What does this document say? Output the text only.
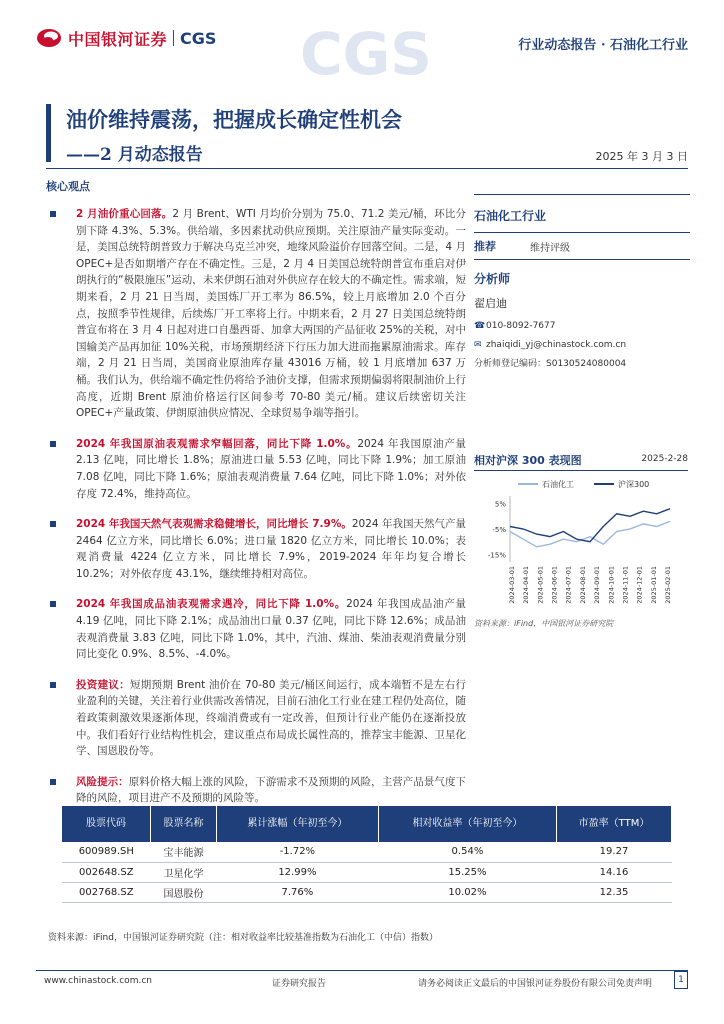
中国银河证券 CGS CGS	行业动态报告 · 石油化工行业
油价维持震荡，把握成长确定性机会
——2 月动态报告	2025 年 3 月 3 日
核心观点
2 月油价重心回落。2 月 Brent、WTI 月均价分别为 75.0、71.2 美元/桶，环比分别下降 4.3%、5.3%。供给端，多因素扰动供应预期。关注原油产量实际变动。一是，美国总统特朗普致力于解决乌克兰冲突，地缘风险溢价存回落空间。二是，4 月 OPEC+是否如期增产存在不确定性。三是，2 月 4 日美国总统特朗普宣布重启对伊朗执行的“极限施压”运动，未来伊朗石油对外供应存在较大的不确定性。需求端，短期来看，2 月 21 日当周，美国炼厂开工率为 86.5%，较上月底增加 2.0 个百分点，按照季节性规律，后续炼厂开工率将上行。中期来看，2 月 27 日美国总统特朗普宣布将在 3 月 4 日起对进口自墨西哥、加拿大两国的产品征收 25%的关税，对中国输美产品再加征 10%关税，市场预期经济下行压力加大进而拖累原油需求。库存端，2 月 21 日当周，美国商业原油库存量 43016 万桶，较 1 月底增加 637 万桶。我们认为，供给端不确定性仍将给予油价支撑，但需求预期偏弱将限制油价上行高度，近期 Brent 原油价格运行区间参考 70-80 美元/桶。建议后续密切关注 OPEC+产量政策、伊朗原油供应情况、全球贸易争端等指引。
2024 年我国原油表观需求窄幅回落，同比下降 1.0%。2024 年我国原油产量 2.13 亿吨，同比增长 1.8%；原油进口量 5.53 亿吨，同比下降 1.9%；加工原油 7.08 亿吨，同比下降 1.6%；原油表观消费量 7.64 亿吨，同比下降 1.0%；对外依存度 72.4%，维持高位。
2024 年我国天然气表观需求稳健增长，同比增长 7.9%。2024 年我国天然气产量 2464 亿立方米，同比增长 6.0%；进口量 1820 亿立方米，同比增长 10.0%；表观消费量 4224 亿立方米，同比增长 7.9%，2019-2024 年年均复合增长 10.2%；对外依存度 43.1%，继续维持相对高位。
2024 年我国成品油表观需求遇冷，同比下降 1.0%。2024 年我国成品油产量 4.19 亿吨，同比下降 2.1%；成品油出口量 0.37 亿吨，同比下降 12.6%；成品油表观消费量 3.83 亿吨，同比下降 1.0%，其中，汽油、煤油、柴油表观消费量分别同比变化 0.9%、8.5%、-4.0%。
投资建议：短期预期 Brent 油价在 70-80 美元/桶区间运行，成本端暂不是左右行业盈利的关键，关注着行业供需改善情况，目前石油化工行业在建工程仍处高位，随着政策刺激效果逐渐体现，终端消费或有一定改善，但预计行业产能仍在逐渐投放中。我们看好行业结构性机会，建议重点布局成长属性高的，推荐宝丰能源、卫星化学、国恩股份等。
风险提示：原料价格大幅上涨的风险，下游需求不及预期的风险，主营产品景气度下降的风险，项目进产不及预期的风险等。
石油化工行业
推荐	维持评级
分析师
翟启迪
☎ 010-8092-7677
✉ zhaiqidi_yj@chinastock.com.cn
分析师登记编码：S0130524080004
相对沪深 300 表现图	2025-2-28
石油化工	沪深300
5%
-5%
-15%
2024-03-01 2024-04-01 2024-05-01 2024-06-01 2024-07-01 2024-08-01 2024-09-01 2024-10-01 2024-11-01 2024-12-01 2025-01-01 2025-02-01
资料来源：iFind，中国银河证券研究院
股票代码	股票名称	累计涨幅（年初至今）	相对收益率（年初至今）	市盈率（TTM）
600989.SH	宝丰能源	-1.72%	0.54%	19.27
002648.SZ	卫星化学	12.99%	15.25%	14.16
002768.SZ	国恩股份	7.76%	10.02%	12.35
资料来源：iFind，中国银河证券研究院（注：相对收益率比较基准指数为石油化工（中信）指数）
www.chinastock.com.cn	证券研究报告	请务必阅读正文最后的中国银河证券股份有限公司免责声明	1
